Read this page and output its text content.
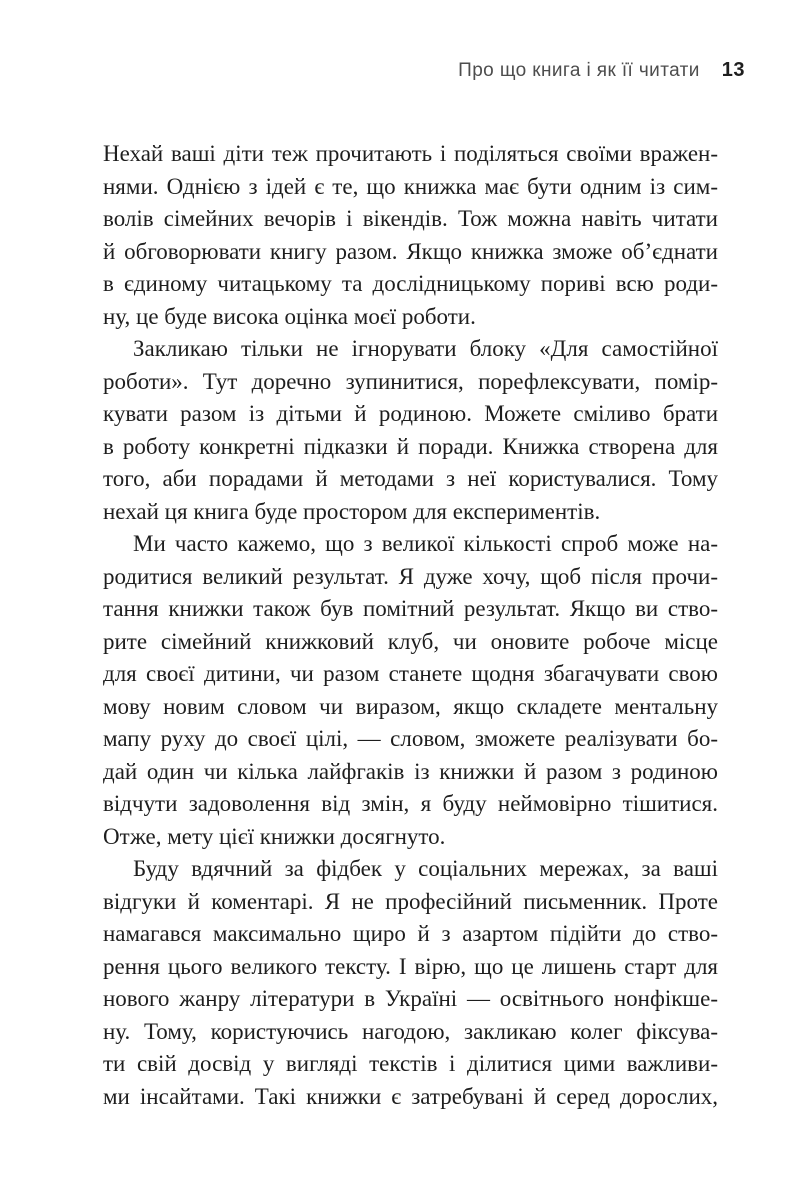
Про що книга і як її читати 13
Нехай ваші діти теж прочитають і поділяться своїми вражен-
нями. Однією з ідей є те, що книжка має бути одним із сим-
волів сімейних вечорів і вікендів. Тож можна навіть читати
й обговорювати книгу разом. Якщо книжка зможе об’єднати
в єдиному читацькому та дослідницькому пориві всю роди-
ну, це буде висока оцінка моєї роботи.
Закликаю тільки не ігнорувати блоку «Для самостійної
роботи». Тут доречно зупинитися, порефлексувати, помір-
кувати разом із дітьми й родиною. Можете сміливо брати
в роботу конкретні підказки й поради. Книжка створена для
того, аби порадами й методами з неї користувалися. Тому
нехай ця книга буде простором для експериментів.
Ми часто кажемо, що з великої кількості спроб може на-
родитися великий результат. Я дуже хочу, щоб після прочи-
тання книжки також був помітний результат. Якщо ви ство-
рите сімейний книжковий клуб, чи оновите робоче місце
для своєї дитини, чи разом станете щодня збагачувати свою
мову новим словом чи виразом, якщо складете ментальну
мапу руху до своєї цілі, — словом, зможете реалізувати бо-
дай один чи кілька лайфгаків із книжки й разом з родиною
відчути задоволення від змін, я буду неймовірно тішитися.
Отже, мету цієї книжки досягнуто.
Буду вдячний за фідбек у соціальних мережах, за ваші
відгуки й коментарі. Я не професійний письменник. Проте
намагався максимально щиро й з азартом підійти до ство-
рення цього великого тексту. І вірю, що це лишень старт для
нового жанру літератури в Україні — освітнього нонфікше-
ну. Тому, користуючись нагодою, закликаю колег фіксува-
ти свій досвід у вигляді текстів і ділитися цими важливи-
ми інсайтами. Такі книжки є затребувані й серед дорослих,
